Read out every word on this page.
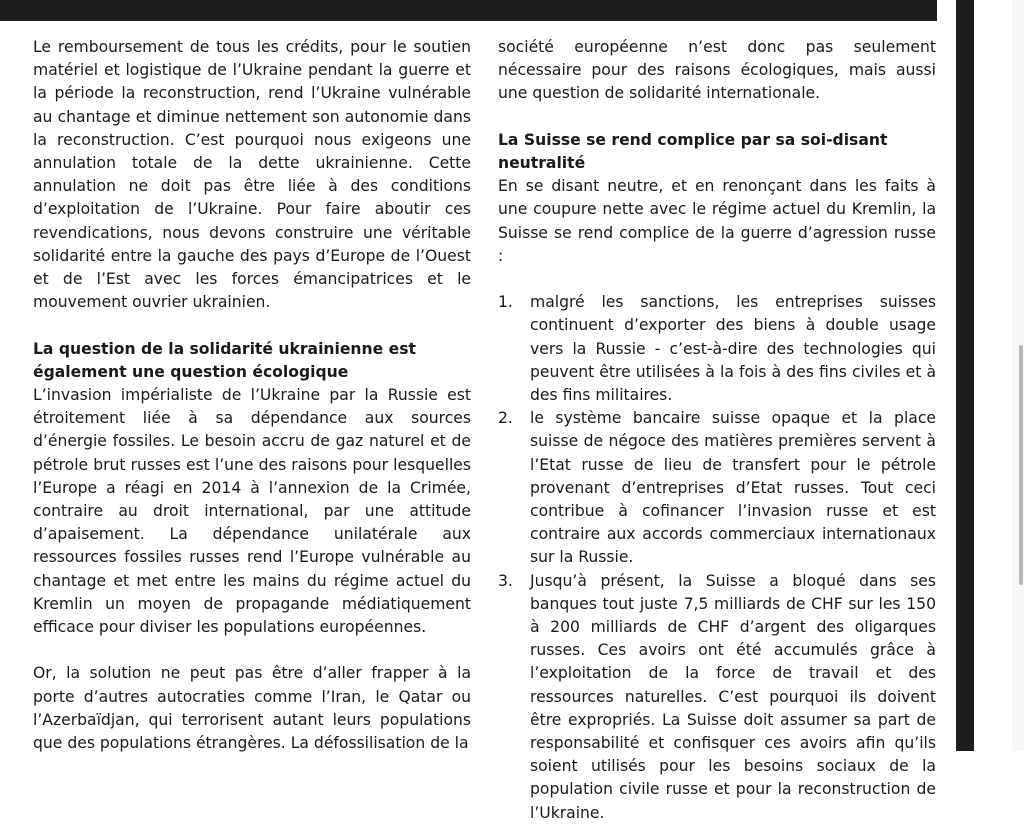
Le remboursement de tous les crédits, pour le soutien matériel et logistique de l’Ukraine pendant la guerre et la période la reconstruction, rend l’Ukraine vulnérable au chantage et diminue nettement son autonomie dans la reconstruction. C’est pourquoi nous exigeons une annulation totale de la dette ukrainienne. Cette annulation ne doit pas être liée à des conditions d’exploitation de l’Ukraine. Pour faire aboutir ces revendications, nous devons construire une véritable solidarité entre la gauche des pays d’Europe de l’Ouest et de l’Est avec les forces émancipatrices et le mouvement ouvrier ukrainien.

La question de la solidarité ukrainienne est également une question écologique

L’invasion impérialiste de l’Ukraine par la Russie est étroitement liée à sa dépendance aux sources d’énergie fossiles. Le besoin accru de gaz naturel et de pétrole brut russes est l’une des raisons pour lesquelles l’Europe a réagi en 2014 à l’annexion de la Crimée, contraire au droit international, par une attitude d’apaisement. La dépendance unilatérale aux ressources fossiles russes rend l’Europe vulnérable au chantage et met entre les mains du régime actuel du Kremlin un moyen de propagande médiatiquement efficace pour diviser les populations européennes.

Or, la solution ne peut pas être d’aller frapper à la porte d’autres autocraties comme l’Iran, le Qatar ou l’Azerbaïdjan, qui terrorisent autant leurs populations que des populations étrangères. La défossilisation de la

société européenne n’est donc pas seulement nécessaire pour des raisons écologiques, mais aussi une question de solidarité internationale.

La Suisse se rend complice par sa soi-disant neutralité

En se disant neutre, et en renonçant dans les faits à une coupure nette avec le régime actuel du Kremlin, la Suisse se rend complice de la guerre d’agression russe :

1.	malgré les sanctions, les entreprises suisses continuent d’exporter des biens à double usage vers la Russie - c’est-à-dire des technologies qui peuvent être utilisées à la fois à des fins civiles et à des fins militaires.
2.	le système bancaire suisse opaque et la place suisse de négoce des matières premières servent à l’Etat russe de lieu de transfert pour le pétrole provenant d’entreprises d’Etat russes. Tout ceci contribue à cofinancer l’invasion russe et est contraire aux accords commerciaux internationaux sur la Russie.
3.	Jusqu’à présent, la Suisse a bloqué dans ses banques tout juste 7,5 milliards de CHF sur les 150 à 200 milliards de CHF d’argent des oligarques russes. Ces avoirs ont été accumulés grâce à l’exploitation de la force de travail et des ressources naturelles. C’est pourquoi ils doivent être expropriés. La Suisse doit assumer sa part de responsabilité et confisquer ces avoirs afin qu’ils soient utilisés pour les besoins sociaux de la population civile russe et pour la reconstruction de l’Ukraine.
